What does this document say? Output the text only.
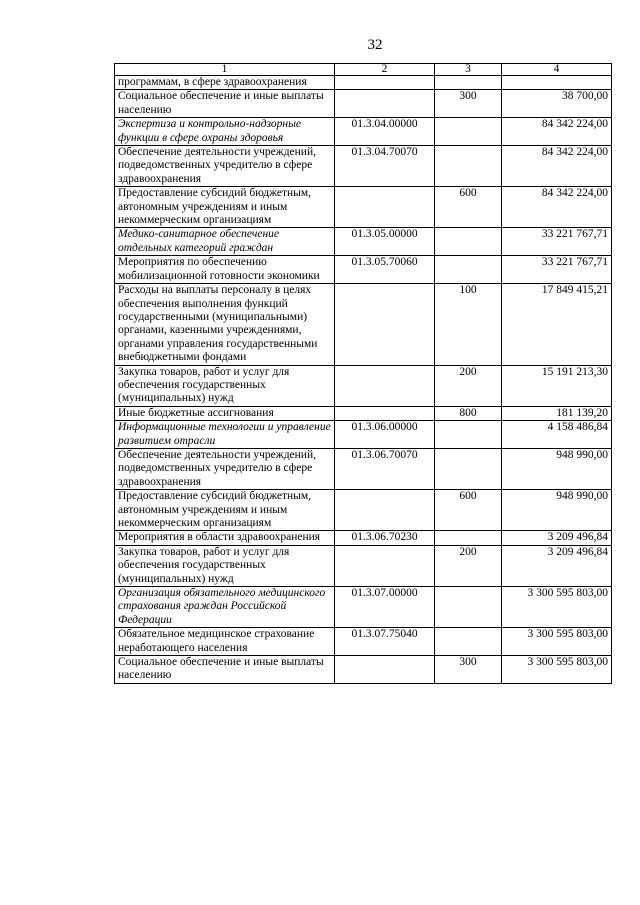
32
1	2	3	4
программам, в сфере здравоохранения			
Социальное обеспечение и иные выплаты населению		300	38 700,00
Экспертиза и контрольно-надзорные функции в сфере охраны здоровья	01.3.04.00000		84 342 224,00
Обеспечение деятельности учреждений, подведомственных учредителю в сфере здравоохранения	01.3.04.70070		84 342 224,00
Предоставление субсидий бюджетным, автономным учреждениям и иным некоммерческим организациям		600	84 342 224,00
Медико-санитарное обеспечение отдельных категорий граждан	01.3.05.00000		33 221 767,71
Мероприятия по обеспечению мобилизационной готовности экономики	01.3.05.70060		33 221 767,71
Расходы на выплаты персоналу в целях обеспечения выполнения функций государственными (муниципальными) органами, казенными учреждениями, органами управления государственными внебюджетными фондами		100	17 849 415,21
Закупка товаров, работ и услуг для обеспечения государственных (муниципальных) нужд		200	15 191 213,30
Иные бюджетные ассигнования		800	181 139,20
Информационные технологии и управление развитием отрасли	01.3.06.00000		4 158 486,84
Обеспечение деятельности учреждений, подведомственных учредителю в сфере здравоохранения	01.3.06.70070		948 990,00
Предоставление субсидий бюджетным, автономным учреждениям и иным некоммерческим организациям		600	948 990,00
Мероприятия в области здравоохранения	01.3.06.70230		3 209 496,84
Закупка товаров, работ и услуг для обеспечения государственных (муниципальных) нужд		200	3 209 496,84
Организация обязательного медицинского страхования граждан Российской Федерации	01.3.07.00000		3 300 595 803,00
Обязательное медицинское страхование неработающего населения	01.3.07.75040		3 300 595 803,00
Социальное обеспечение и иные выплаты населению		300	3 300 595 803,00
